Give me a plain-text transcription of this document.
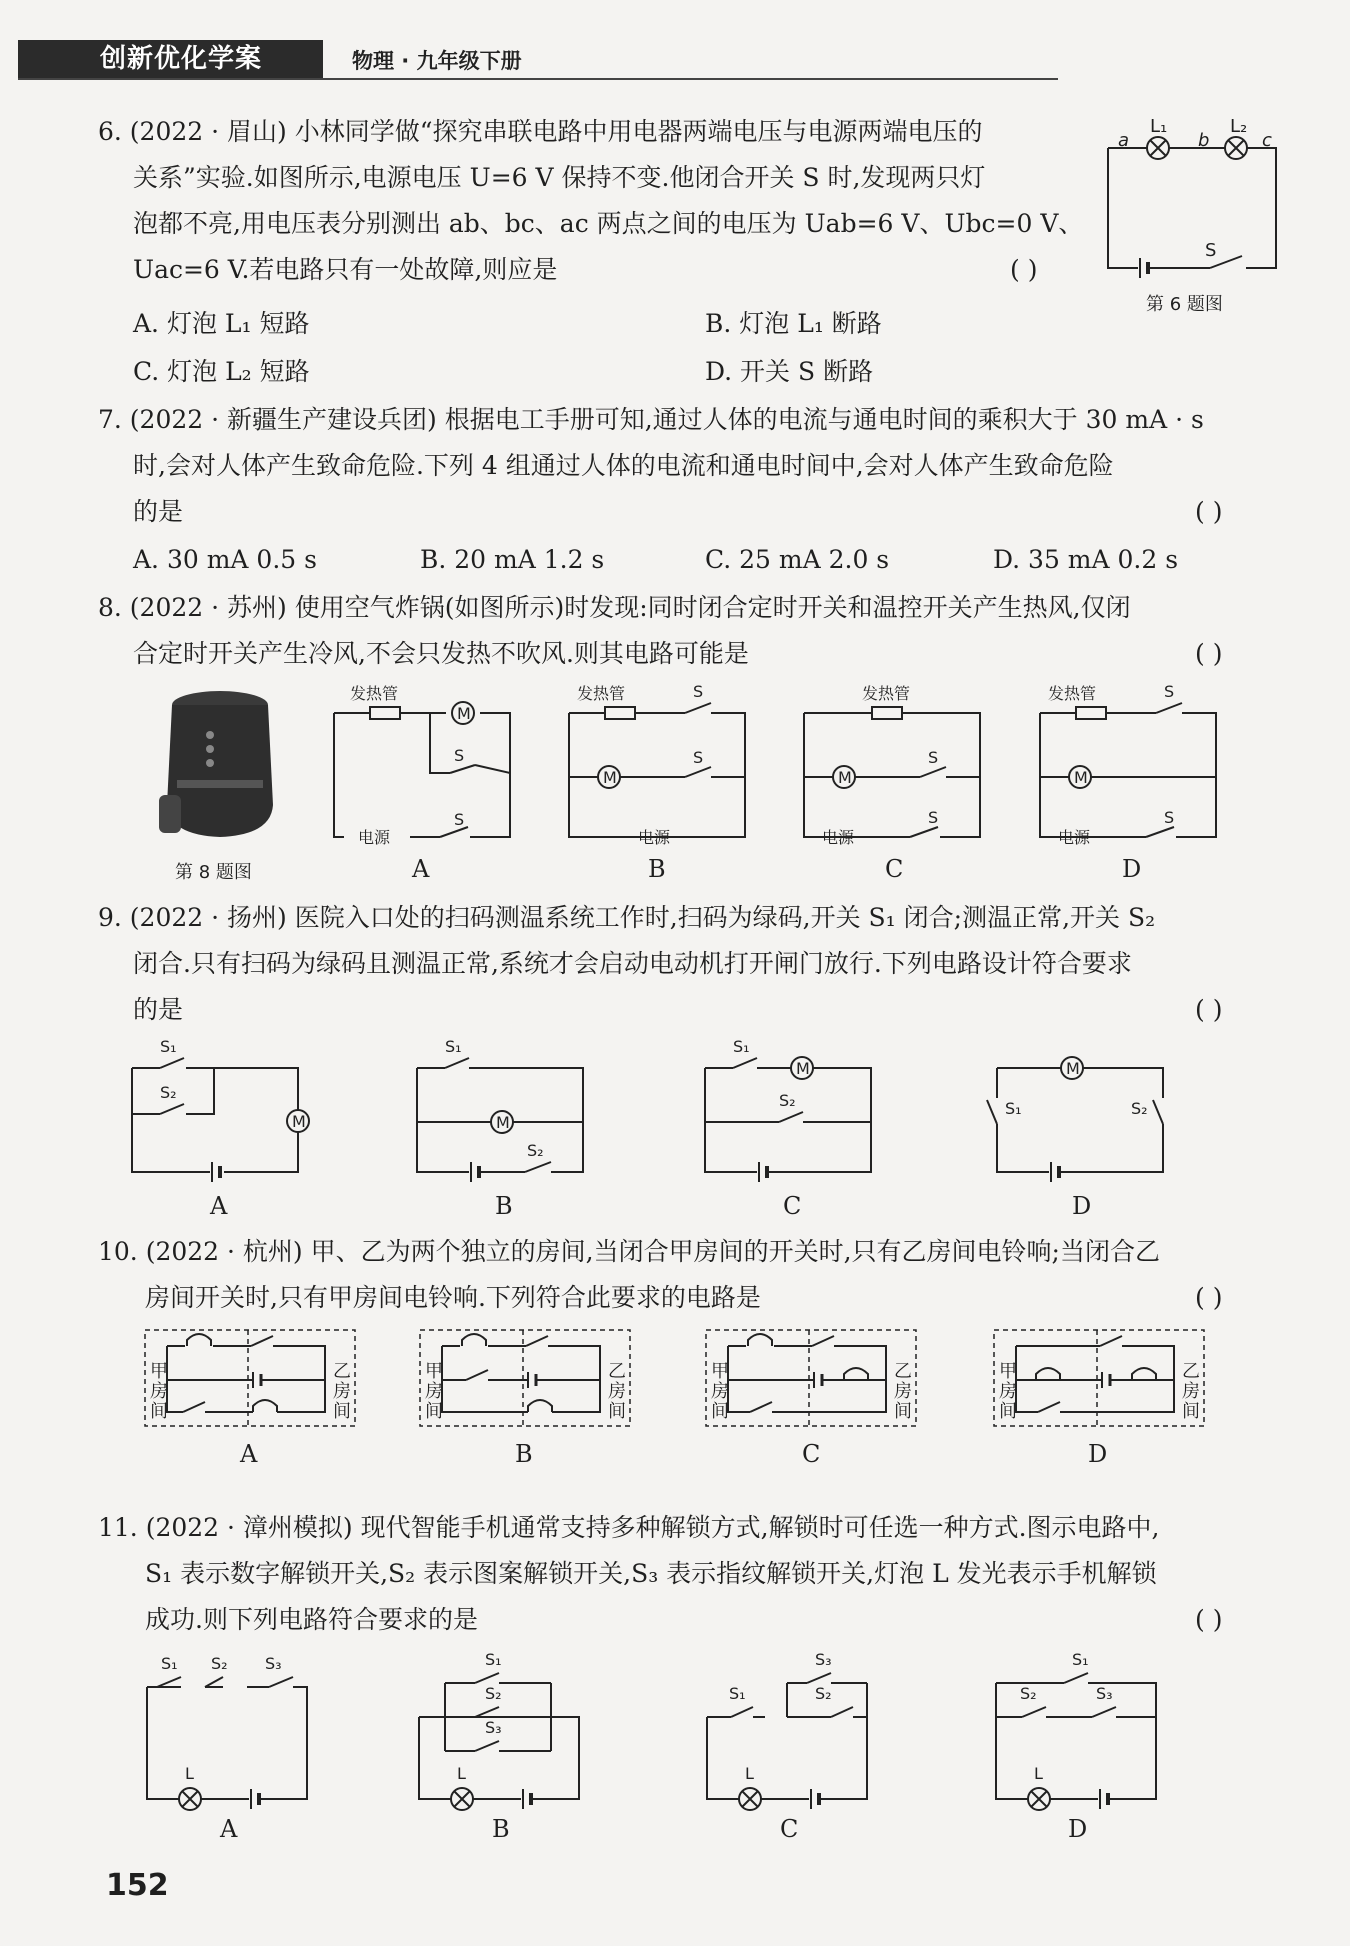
创新优化学案	物理 · 九年级下册
6. (2022 · 眉山) 小林同学做“探究串联电路中用电器两端电压与电源两端电压的
关系”实验.如图所示,电源电压 U=6 V 保持不变.他闭合开关 S 时,发现两只灯
泡都不亮,用电压表分别测出 ab、bc、ac 两点之间的电压为 Uab=6 V、Ubc=0 V、
Uac=6 V.若电路只有一处故障,则应是	( )
A. 灯泡 L₁ 短路	B. 灯泡 L₁ 断路
C. 灯泡 L₂ 短路	D. 开关 S 断路
a
L₁
b
L₂
c
S
第 6 题图
7. (2022 · 新疆生产建设兵团) 根据电工手册可知,通过人体的电流与通电时间的乘积大于 30 mA · s
时,会对人体产生致命危险.下列 4 组通过人体的电流和通电时间中,会对人体产生致命危险
的是	( )
A. 30 mA 0.5 s	B. 20 mA 1.2 s	C. 25 mA 2.0 s	D. 35 mA 0.2 s
8. (2022 · 苏州) 使用空气炸锅(如图所示)时发现:同时闭合定时开关和温控开关产生热风,仅闭
合定时开关产生冷风,不会只发热不吹风.则其电路可能是	( )
第 8 题图
M
发热管
电源
S
S
A
M
发热管	S
S
电源
B
M
发热管
S
S
电源
C
M
发热管	S
S
电源
D
9. (2022 · 扬州) 医院入口处的扫码测温系统工作时,扫码为绿码,开关 S₁ 闭合;测温正常,开关 S₂
闭合.只有扫码为绿码且测温正常,系统才会启动电动机打开闸门放行.下列电路设计符合要求
的是	( )
M
S₁
S₂
A
M
S₁
S₂
B
M
S₁
S₂
C
M
S₁	S₂
D
10. (2022 · 杭州) 甲、乙为两个独立的房间,当闭合甲房间的开关时,只有乙房间电铃响;当闭合乙
房间开关时,只有甲房间电铃响.下列符合此要求的电路是	( )
A	B	C	D
甲房间
乙房间
甲房间
乙房间
甲房间
乙房间
甲房间
乙房间
11. (2022 · 漳州模拟) 现代智能手机通常支持多种解锁方式,解锁时可任选一种方式.图示电路中,
S₁ 表示数字解锁开关,S₂ 表示图案解锁开关,S₃ 表示指纹解锁开关,灯泡 L 发光表示手机解锁
成功.则下列电路符合要求的是	( )
S₁ S₂ S₃
L
A
S₁
S₂
S₃
L
B
S₁
S₃
S₂
L
C
S₁
S₂	S₃
L
D
152
